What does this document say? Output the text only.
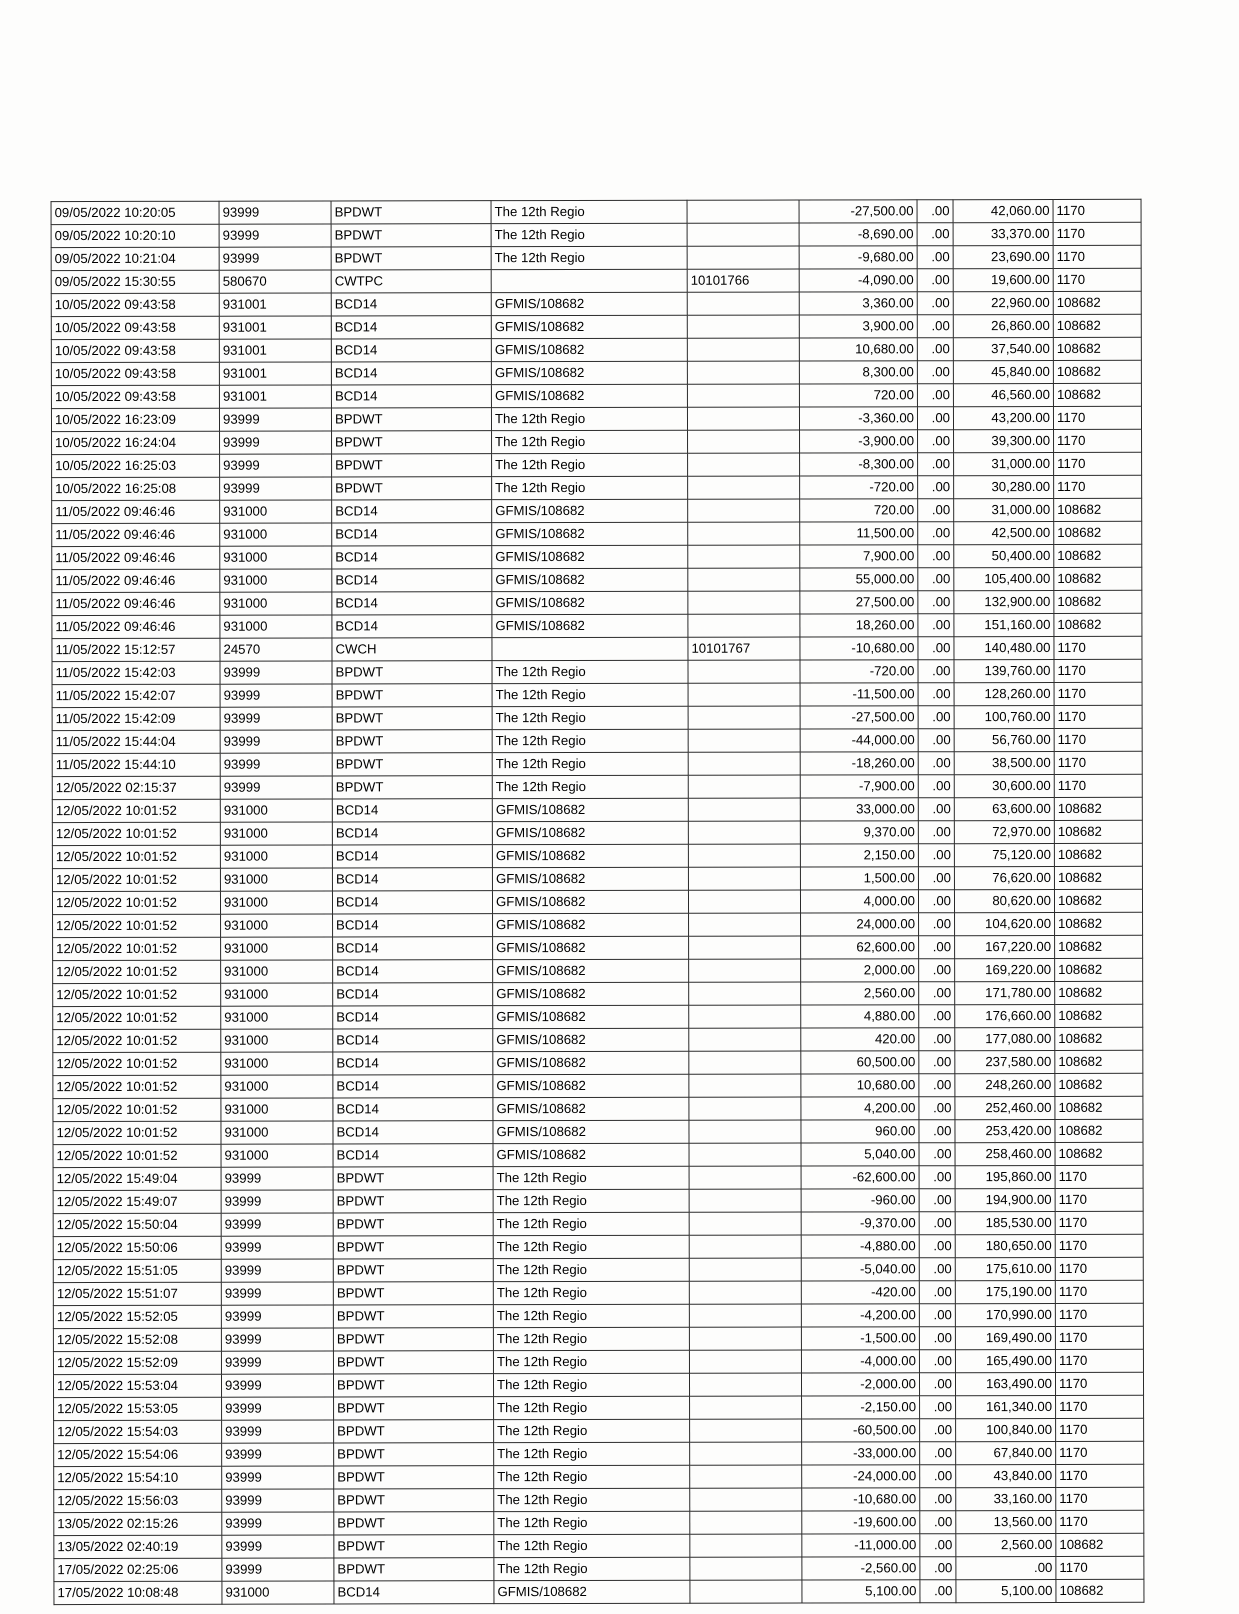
09/05/2022 10:20:05	93999	BPDWT	The 12th Regio		-27,500.00	.00	42,060.00	1170
09/05/2022 10:20:10	93999	BPDWT	The 12th Regio		-8,690.00	.00	33,370.00	1170
09/05/2022 10:21:04	93999	BPDWT	The 12th Regio		-9,680.00	.00	23,690.00	1170
09/05/2022 15:30:55	580670	CWTPC		10101766	-4,090.00	.00	19,600.00	1170
10/05/2022 09:43:58	931001	BCD14	GFMIS/108682		3,360.00	.00	22,960.00	108682
10/05/2022 09:43:58	931001	BCD14	GFMIS/108682		3,900.00	.00	26,860.00	108682
10/05/2022 09:43:58	931001	BCD14	GFMIS/108682		10,680.00	.00	37,540.00	108682
10/05/2022 09:43:58	931001	BCD14	GFMIS/108682		8,300.00	.00	45,840.00	108682
10/05/2022 09:43:58	931001	BCD14	GFMIS/108682		720.00	.00	46,560.00	108682
10/05/2022 16:23:09	93999	BPDWT	The 12th Regio		-3,360.00	.00	43,200.00	1170
10/05/2022 16:24:04	93999	BPDWT	The 12th Regio		-3,900.00	.00	39,300.00	1170
10/05/2022 16:25:03	93999	BPDWT	The 12th Regio		-8,300.00	.00	31,000.00	1170
10/05/2022 16:25:08	93999	BPDWT	The 12th Regio		-720.00	.00	30,280.00	1170
11/05/2022 09:46:46	931000	BCD14	GFMIS/108682		720.00	.00	31,000.00	108682
11/05/2022 09:46:46	931000	BCD14	GFMIS/108682		11,500.00	.00	42,500.00	108682
11/05/2022 09:46:46	931000	BCD14	GFMIS/108682		7,900.00	.00	50,400.00	108682
11/05/2022 09:46:46	931000	BCD14	GFMIS/108682		55,000.00	.00	105,400.00	108682
11/05/2022 09:46:46	931000	BCD14	GFMIS/108682		27,500.00	.00	132,900.00	108682
11/05/2022 09:46:46	931000	BCD14	GFMIS/108682		18,260.00	.00	151,160.00	108682
11/05/2022 15:12:57	24570	CWCH		10101767	-10,680.00	.00	140,480.00	1170
11/05/2022 15:42:03	93999	BPDWT	The 12th Regio		-720.00	.00	139,760.00	1170
11/05/2022 15:42:07	93999	BPDWT	The 12th Regio		-11,500.00	.00	128,260.00	1170
11/05/2022 15:42:09	93999	BPDWT	The 12th Regio		-27,500.00	.00	100,760.00	1170
11/05/2022 15:44:04	93999	BPDWT	The 12th Regio		-44,000.00	.00	56,760.00	1170
11/05/2022 15:44:10	93999	BPDWT	The 12th Regio		-18,260.00	.00	38,500.00	1170
12/05/2022 02:15:37	93999	BPDWT	The 12th Regio		-7,900.00	.00	30,600.00	1170
12/05/2022 10:01:52	931000	BCD14	GFMIS/108682		33,000.00	.00	63,600.00	108682
12/05/2022 10:01:52	931000	BCD14	GFMIS/108682		9,370.00	.00	72,970.00	108682
12/05/2022 10:01:52	931000	BCD14	GFMIS/108682		2,150.00	.00	75,120.00	108682
12/05/2022 10:01:52	931000	BCD14	GFMIS/108682		1,500.00	.00	76,620.00	108682
12/05/2022 10:01:52	931000	BCD14	GFMIS/108682		4,000.00	.00	80,620.00	108682
12/05/2022 10:01:52	931000	BCD14	GFMIS/108682		24,000.00	.00	104,620.00	108682
12/05/2022 10:01:52	931000	BCD14	GFMIS/108682		62,600.00	.00	167,220.00	108682
12/05/2022 10:01:52	931000	BCD14	GFMIS/108682		2,000.00	.00	169,220.00	108682
12/05/2022 10:01:52	931000	BCD14	GFMIS/108682		2,560.00	.00	171,780.00	108682
12/05/2022 10:01:52	931000	BCD14	GFMIS/108682		4,880.00	.00	176,660.00	108682
12/05/2022 10:01:52	931000	BCD14	GFMIS/108682		420.00	.00	177,080.00	108682
12/05/2022 10:01:52	931000	BCD14	GFMIS/108682		60,500.00	.00	237,580.00	108682
12/05/2022 10:01:52	931000	BCD14	GFMIS/108682		10,680.00	.00	248,260.00	108682
12/05/2022 10:01:52	931000	BCD14	GFMIS/108682		4,200.00	.00	252,460.00	108682
12/05/2022 10:01:52	931000	BCD14	GFMIS/108682		960.00	.00	253,420.00	108682
12/05/2022 10:01:52	931000	BCD14	GFMIS/108682		5,040.00	.00	258,460.00	108682
12/05/2022 15:49:04	93999	BPDWT	The 12th Regio		-62,600.00	.00	195,860.00	1170
12/05/2022 15:49:07	93999	BPDWT	The 12th Regio		-960.00	.00	194,900.00	1170
12/05/2022 15:50:04	93999	BPDWT	The 12th Regio		-9,370.00	.00	185,530.00	1170
12/05/2022 15:50:06	93999	BPDWT	The 12th Regio		-4,880.00	.00	180,650.00	1170
12/05/2022 15:51:05	93999	BPDWT	The 12th Regio		-5,040.00	.00	175,610.00	1170
12/05/2022 15:51:07	93999	BPDWT	The 12th Regio		-420.00	.00	175,190.00	1170
12/05/2022 15:52:05	93999	BPDWT	The 12th Regio		-4,200.00	.00	170,990.00	1170
12/05/2022 15:52:08	93999	BPDWT	The 12th Regio		-1,500.00	.00	169,490.00	1170
12/05/2022 15:52:09	93999	BPDWT	The 12th Regio		-4,000.00	.00	165,490.00	1170
12/05/2022 15:53:04	93999	BPDWT	The 12th Regio		-2,000.00	.00	163,490.00	1170
12/05/2022 15:53:05	93999	BPDWT	The 12th Regio		-2,150.00	.00	161,340.00	1170
12/05/2022 15:54:03	93999	BPDWT	The 12th Regio		-60,500.00	.00	100,840.00	1170
12/05/2022 15:54:06	93999	BPDWT	The 12th Regio		-33,000.00	.00	67,840.00	1170
12/05/2022 15:54:10	93999	BPDWT	The 12th Regio		-24,000.00	.00	43,840.00	1170
12/05/2022 15:56:03	93999	BPDWT	The 12th Regio		-10,680.00	.00	33,160.00	1170
13/05/2022 02:15:26	93999	BPDWT	The 12th Regio		-19,600.00	.00	13,560.00	1170
13/05/2022 02:40:19	93999	BPDWT	The 12th Regio		-11,000.00	.00	2,560.00	108682
17/05/2022 02:25:06	93999	BPDWT	The 12th Regio		-2,560.00	.00	.00	1170
17/05/2022 10:08:48	931000	BCD14	GFMIS/108682		5,100.00	.00	5,100.00	108682
